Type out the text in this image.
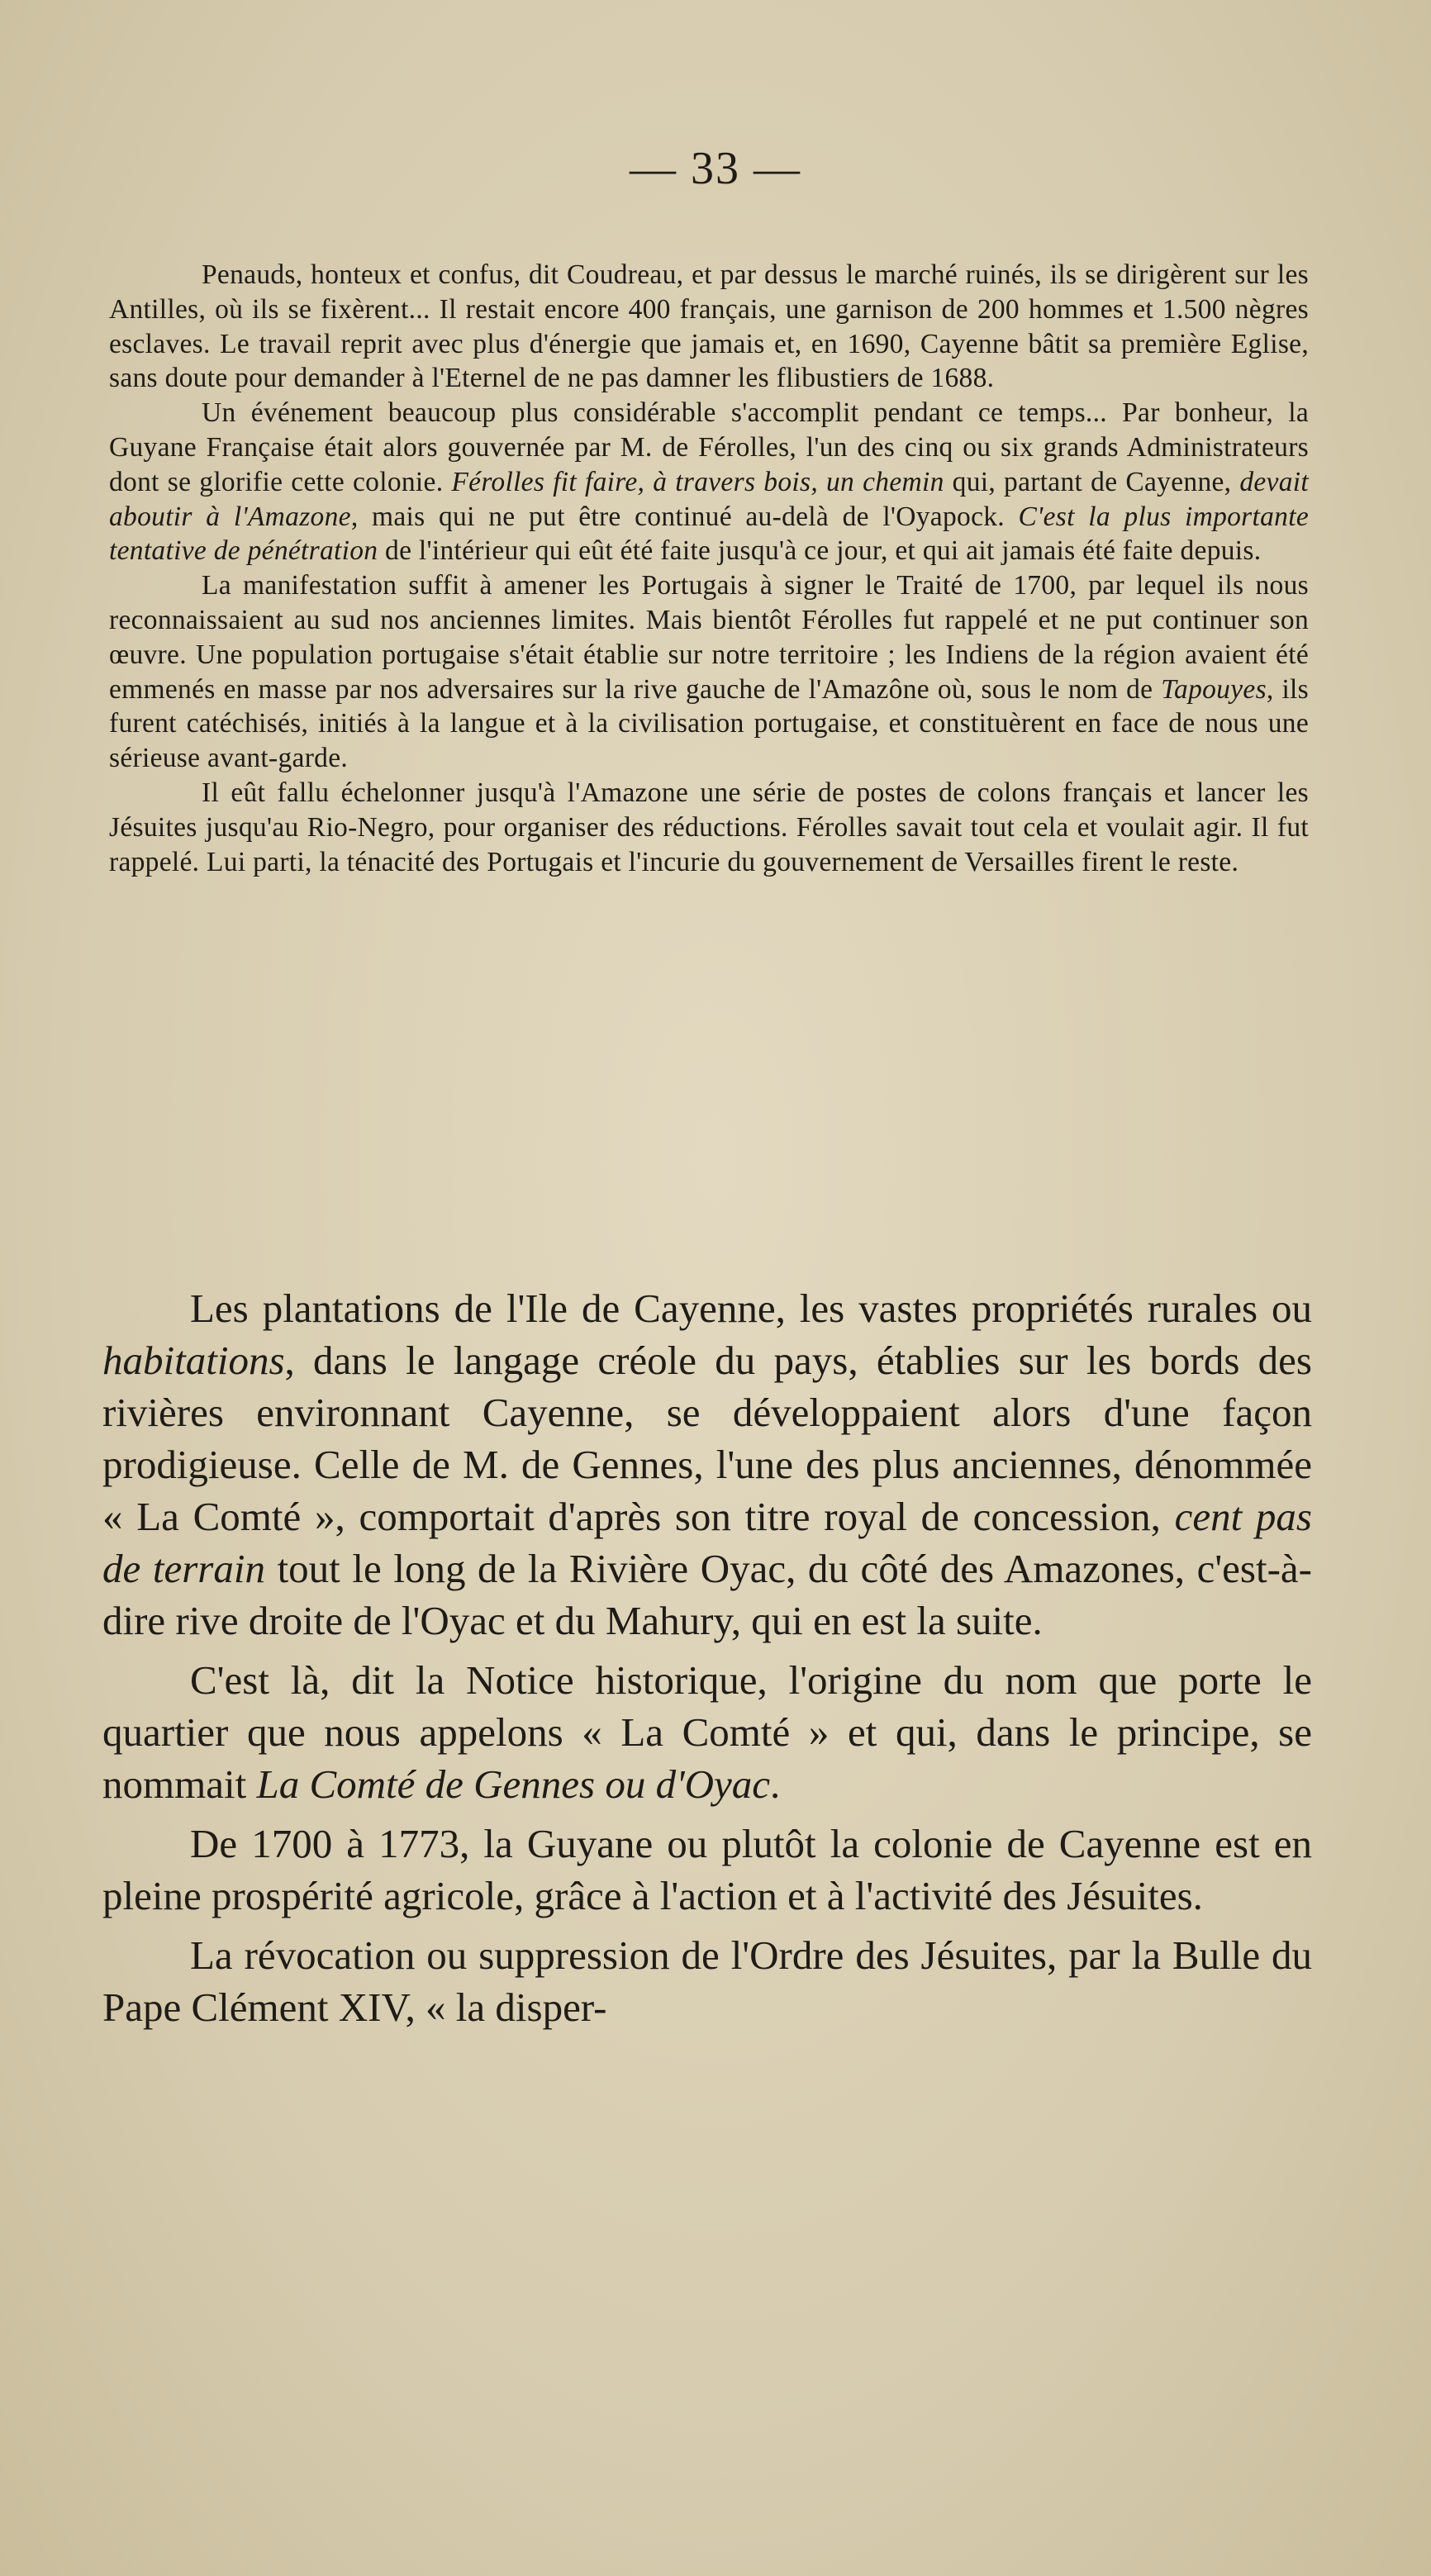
— 33 —

Penauds, honteux et confus, dit Coudreau, et par dessus le marché ruinés, ils se dirigèrent sur les Antilles, où ils se fixèrent... Il restait encore 400 français, une garnison de 200 hommes et 1.500 nègres esclaves. Le travail reprit avec plus d'énergie que jamais et, en 1690, Cayenne bâtit sa première Eglise, sans doute pour demander à l'Eternel de ne pas damner les flibustiers de 1688.

Un événement beaucoup plus considérable s'accomplit pendant ce temps... Par bonheur, la Guyane Française était alors gouvernée par M. de Férolles, l'un des cinq ou six grands Administrateurs dont se glorifie cette colonie. Férolles fit faire, à travers bois, un chemin qui, partant de Cayenne, devait aboutir à l'Amazone, mais qui ne put être continué au-delà de l'Oyapock. C'est la plus importante tentative de pénétration de l'intérieur qui eût été faite jusqu'à ce jour, et qui ait jamais été faite depuis.

La manifestation suffit à amener les Portugais à signer le Traité de 1700, par lequel ils nous reconnaissaient au sud nos anciennes limites. Mais bientôt Férolles fut rappelé et ne put continuer son œuvre. Une population portugaise s'était établie sur notre territoire ; les Indiens de la région avaient été emmenés en masse par nos adversaires sur la rive gauche de l'Amazône où, sous le nom de Tapouyes, ils furent catéchisés, initiés à la langue et à la civilisation portugaise, et constituèrent en face de nous une sérieuse avant-garde.

Il eût fallu échelonner jusqu'à l'Amazone une série de postes de colons français et lancer les Jésuites jusqu'au Rio-Negro, pour organiser des réductions. Férolles savait tout cela et voulait agir. Il fut rappelé. Lui parti, la ténacité des Portugais et l'incurie du gouvernement de Versailles firent le reste.

Les plantations de l'Ile de Cayenne, les vastes propriétés rurales ou habitations, dans le langage créole du pays, établies sur les bords des rivières environnant Cayenne, se développaient alors d'une façon prodigieuse. Celle de M. de Gennes, l'une des plus anciennes, dénommée « La Comté », comportait d'après son titre royal de concession, cent pas de terrain tout le long de la Rivière Oyac, du côté des Amazones, c'est-à-dire rive droite de l'Oyac et du Mahury, qui en est la suite.

C'est là, dit la Notice historique, l'origine du nom que porte le quartier que nous appelons « La Comté » et qui, dans le principe, se nommait La Comté de Gennes ou d'Oyac.

De 1700 à 1773, la Guyane ou plutôt la colonie de Cayenne est en pleine prospérité agricole, grâce à l'action et à l'activité des Jésuites.

La révocation ou suppression de l'Ordre des Jésuites, par la Bulle du Pape Clément XIV, « la disper-
